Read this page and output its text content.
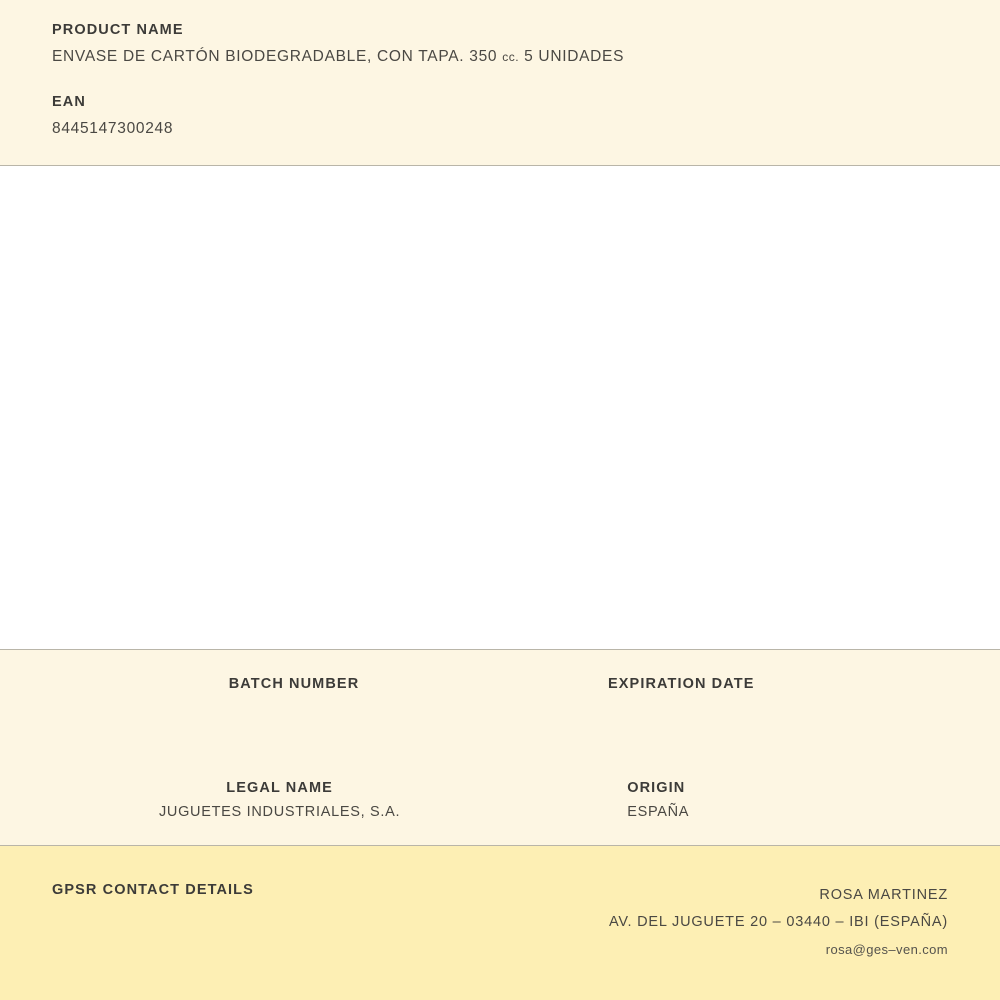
PRODUCT NAME

ENVASE DE CARTÓN BIODEGRADABLE, CON TAPA. 350 cc. 5 UNIDADES

EAN

8445147300248

BATCH NUMBER	EXPIRATION DATE

LEGAL NAME

JUGUETES INDUSTRIALES, S.A.

ORIGIN

ESPAÑA

GPSR CONTACT DETAILS	ROSA MARTINEZ

AV. DEL JUGUETE 20 – 03440 – IBI (ESPAÑA)

rosa@ges–ven.com
